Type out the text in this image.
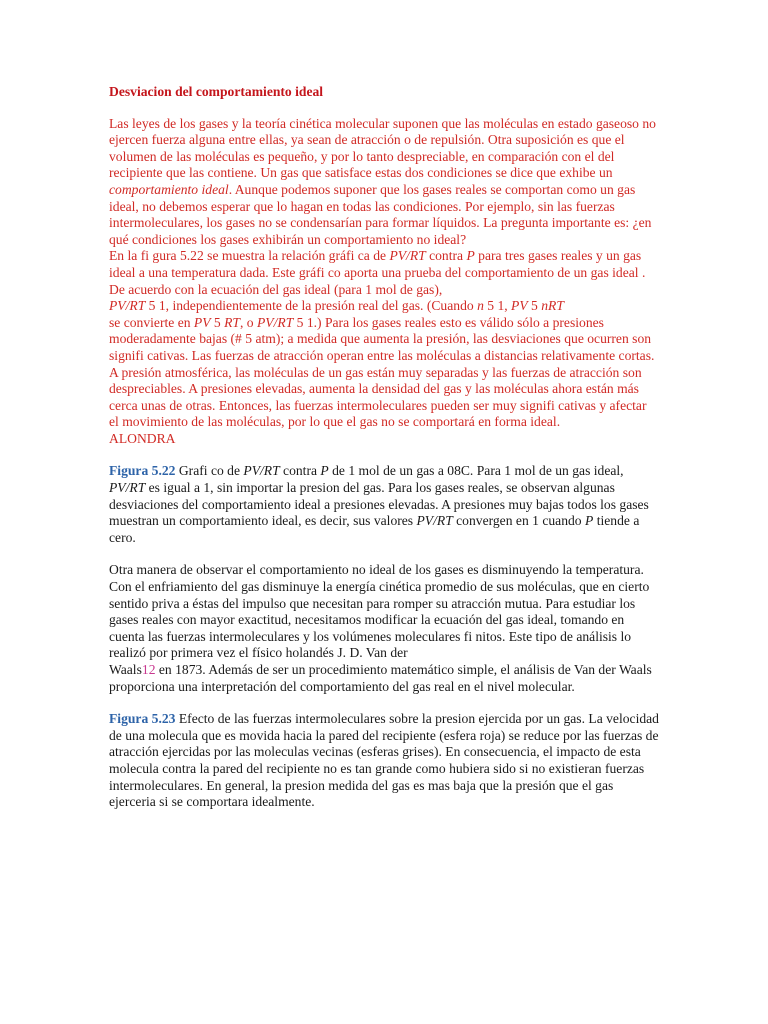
Desviacion del comportamiento ideal

Las leyes de los gases y la teoría cinética molecular suponen que las moléculas en estado gaseoso no ejercen fuerza alguna entre ellas, ya sean de atracción o de repulsión. Otra suposición es que el volumen de las moléculas es pequeño, y por lo tanto despreciable, en comparación con el del recipiente que las contiene. Un gas que satisface estas dos condiciones se dice que exhibe un comportamiento ideal. Aunque podemos suponer que los gases reales se comportan como un gas ideal, no debemos esperar que lo hagan en todas las condiciones. Por ejemplo, sin las fuerzas intermoleculares, los gases no se condensarían para formar líquidos. La pregunta importante es: ¿en qué condiciones los gases exhibirán un comportamiento no ideal?

En la fi gura 5.22 se muestra la relación gráfi ca de PV/RT contra P para tres gases reales y un gas ideal a una temperatura dada. Este gráfi co aporta una prueba del comportamiento de un gas ideal . De acuerdo con la ecuación del gas ideal (para 1 mol de gas),

PV/RT 5 1, independientemente de la presión real del gas. (Cuando n 5 1, PV 5 nRT

se convierte en PV 5 RT, o PV/RT 5 1.) Para los gases reales esto es válido sólo a presiones moderadamente bajas (# 5 atm); a medida que aumenta la presión, las desviaciones que ocurren son signifi cativas. Las fuerzas de atracción operan entre las moléculas a distancias relativamente cortas. A presión atmosférica, las moléculas de un gas están muy separadas y las fuerzas de atracción son despreciables. A presiones elevadas, aumenta la densidad del gas y las moléculas ahora están más cerca unas de otras. Entonces, las fuerzas intermoleculares pueden ser muy signifi cativas y afectar el movimiento de las moléculas, por lo que el gas no se comportará en forma ideal.

ALONDRA

Figura 5.22 Grafi co de PV/RT contra P de 1 mol de un gas a 08C. Para 1 mol de un gas ideal, PV/RT es igual a 1, sin importar la presion del gas. Para los gases reales, se observan algunas desviaciones del comportamiento ideal a presiones elevadas. A presiones muy bajas todos los gases muestran un comportamiento ideal, es decir, sus valores PV/RT convergen en 1 cuando P tiende a cero.

Otra manera de observar el comportamiento no ideal de los gases es disminuyendo la temperatura. Con el enfriamiento del gas disminuye la energía cinética promedio de sus moléculas, que en cierto sentido priva a éstas del impulso que necesitan para romper su atracción mutua. Para estudiar los gases reales con mayor exactitud, necesitamos modificar la ecuación del gas ideal, tomando en cuenta las fuerzas intermoleculares y los volúmenes moleculares fi nitos. Este tipo de análisis lo realizó por primera vez el físico holandés J. D. Van der

Waals12 en 1873. Además de ser un procedimiento matemático simple, el análisis de Van der Waals proporciona una interpretación del comportamiento del gas real en el nivel molecular.

Figura 5.23 Efecto de las fuerzas intermoleculares sobre la presion ejercida por un gas. La velocidad de una molecula que es movida hacia la pared del recipiente (esfera roja) se reduce por las fuerzas de atracción ejercidas por las moleculas vecinas (esferas grises). En consecuencia, el impacto de esta molecula contra la pared del recipiente no es tan grande como hubiera sido si no existieran fuerzas intermoleculares. En general, la presion medida del gas es mas baja que la presión que el gas ejerceria si se comportara idealmente.
